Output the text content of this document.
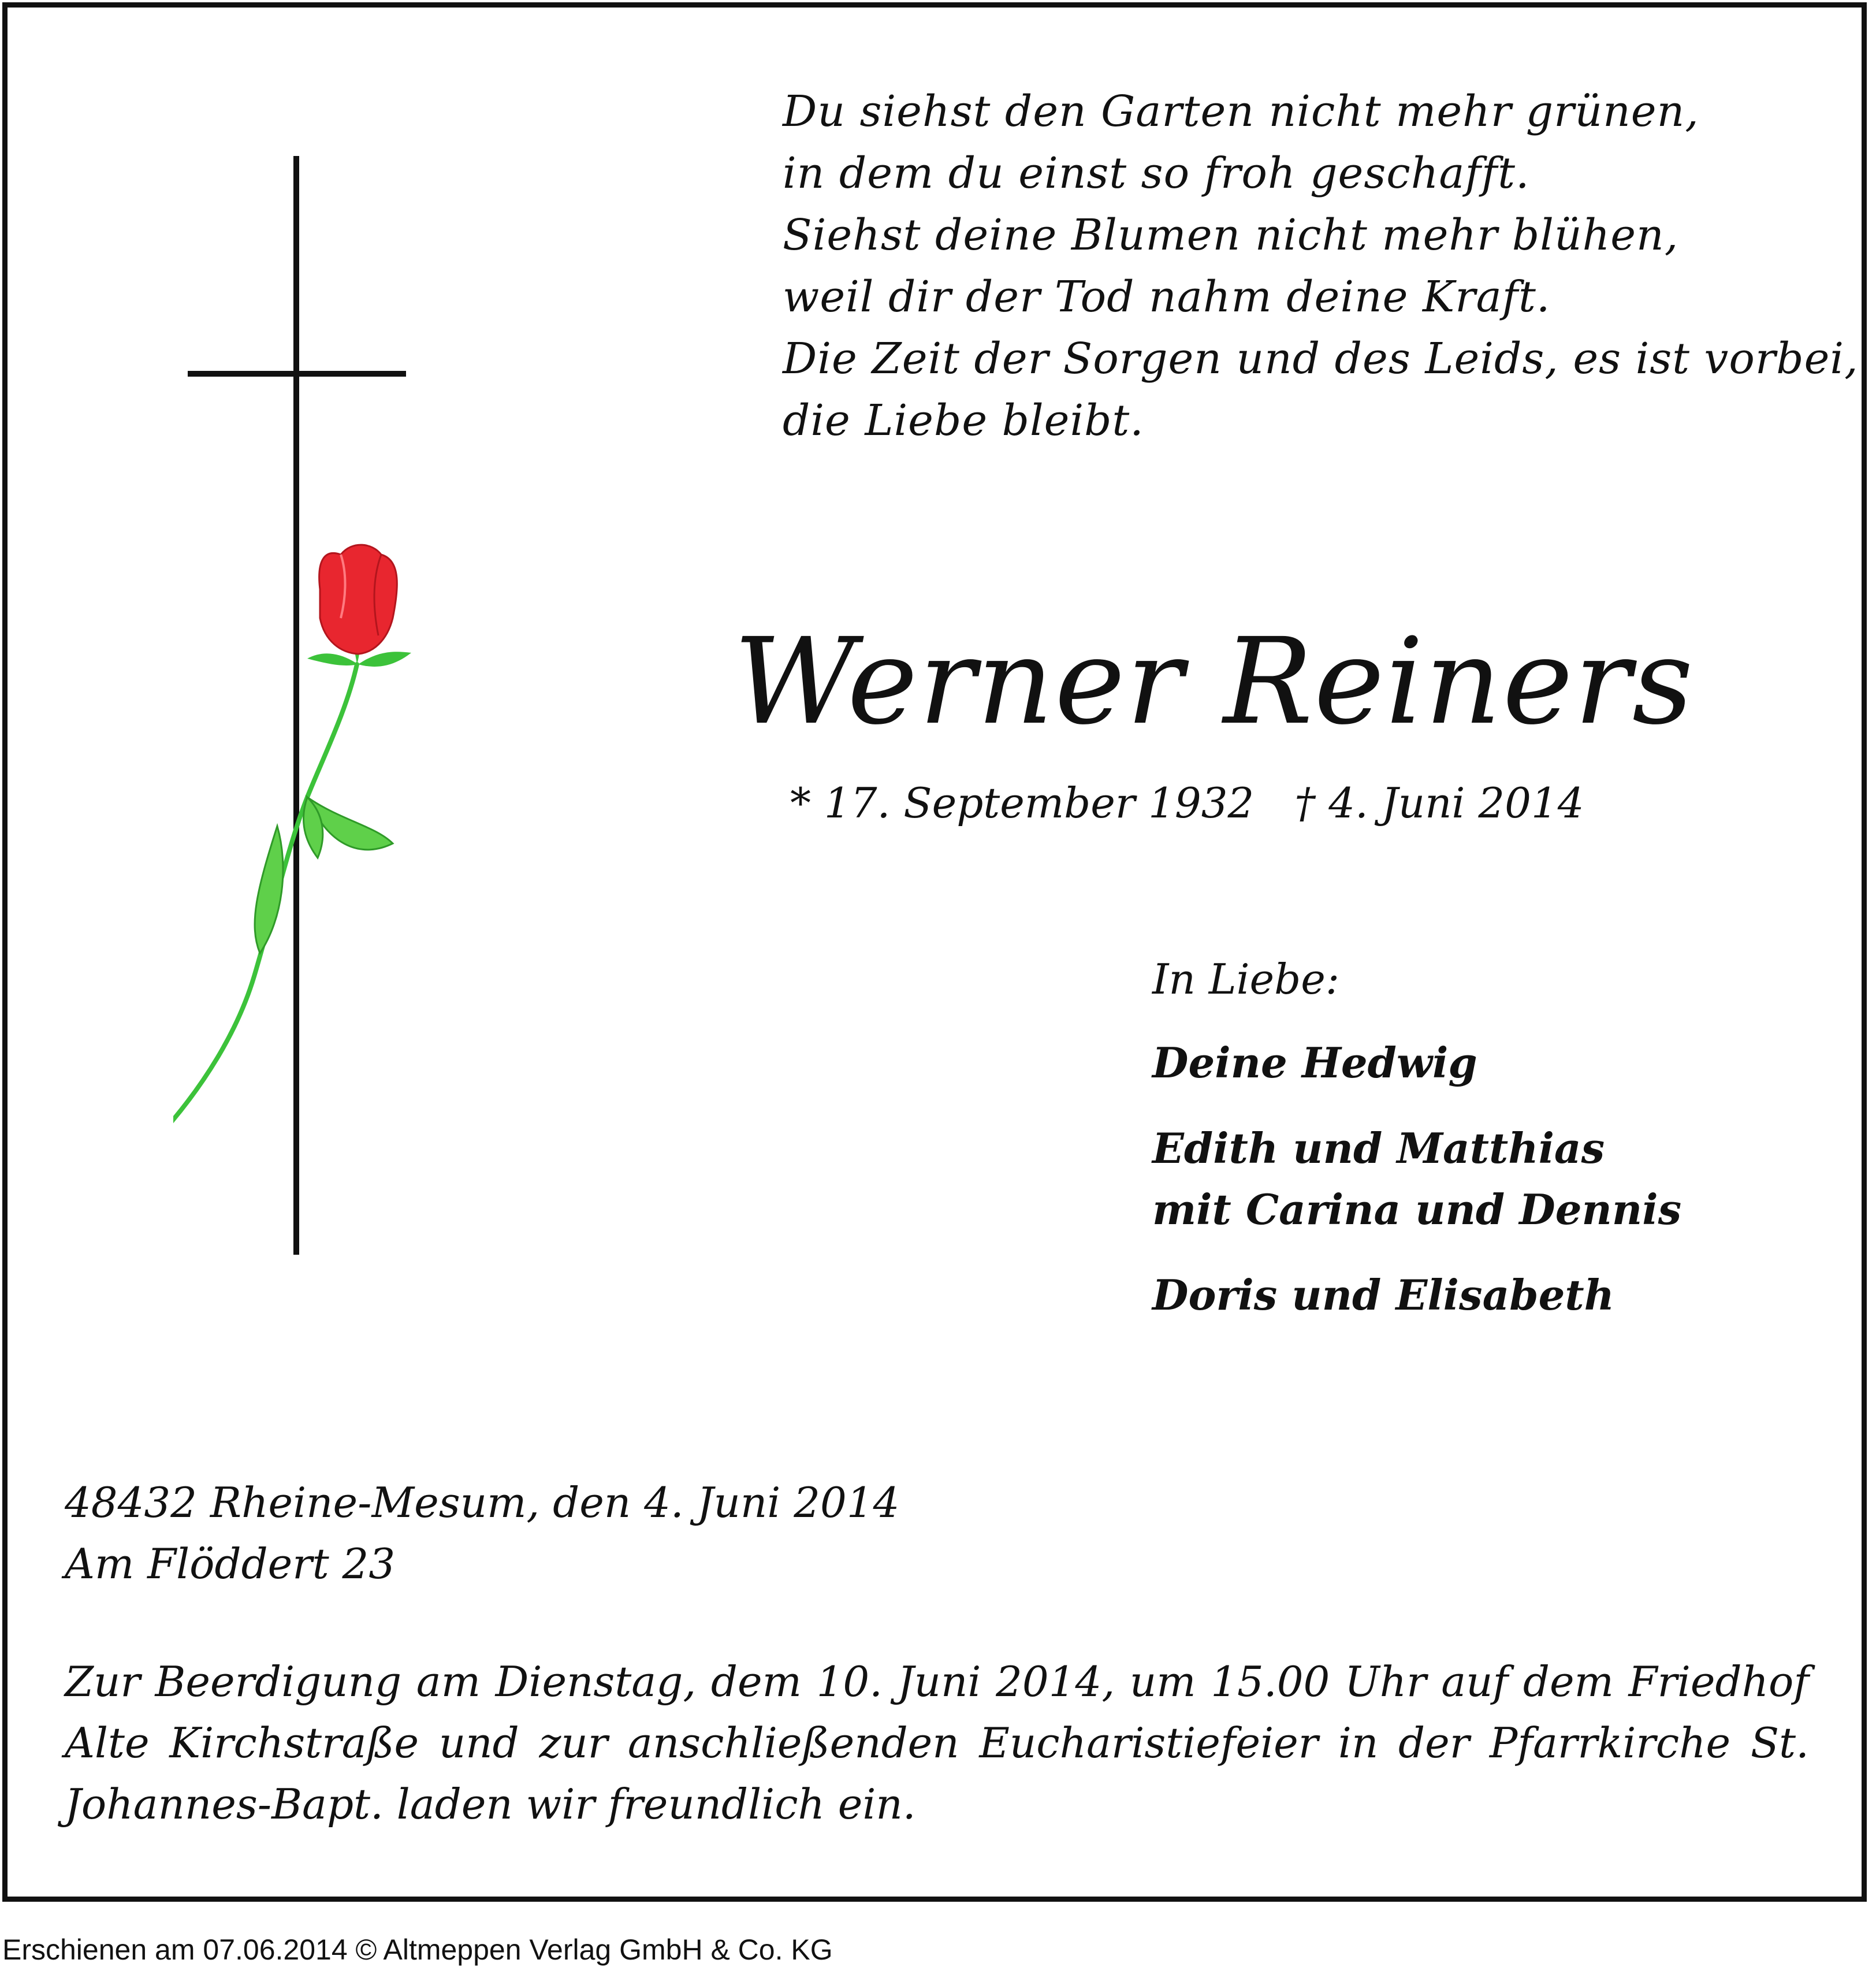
Du siehst den Garten nicht mehr grünen,
in dem du einst so froh geschafft.
Siehst deine Blumen nicht mehr blühen,
weil dir der Tod nahm deine Kraft.
Die Zeit der Sorgen und des Leids, es ist vorbei,
die Liebe bleibt.
Werner Reiners
* 17. September 1932 † 4. Juni 2014
In Liebe:
Deine Hedwig
Edith und Matthias
mit Carina und Dennis
Doris und Elisabeth
48432 Rheine-Mesum, den 4. Juni 2014
Am Flöddert 23
Zur Beerdigung am Dienstag, dem 10. Juni 2014, um 15.00 Uhr auf dem Friedhof Alte Kirchstraße und zur anschließenden Eucharistiefeier in der Pfarrkirche St. Johannes-Bapt. laden wir freundlich ein.
Erschienen am 07.06.2014 © Altmeppen Verlag GmbH & Co. KG
